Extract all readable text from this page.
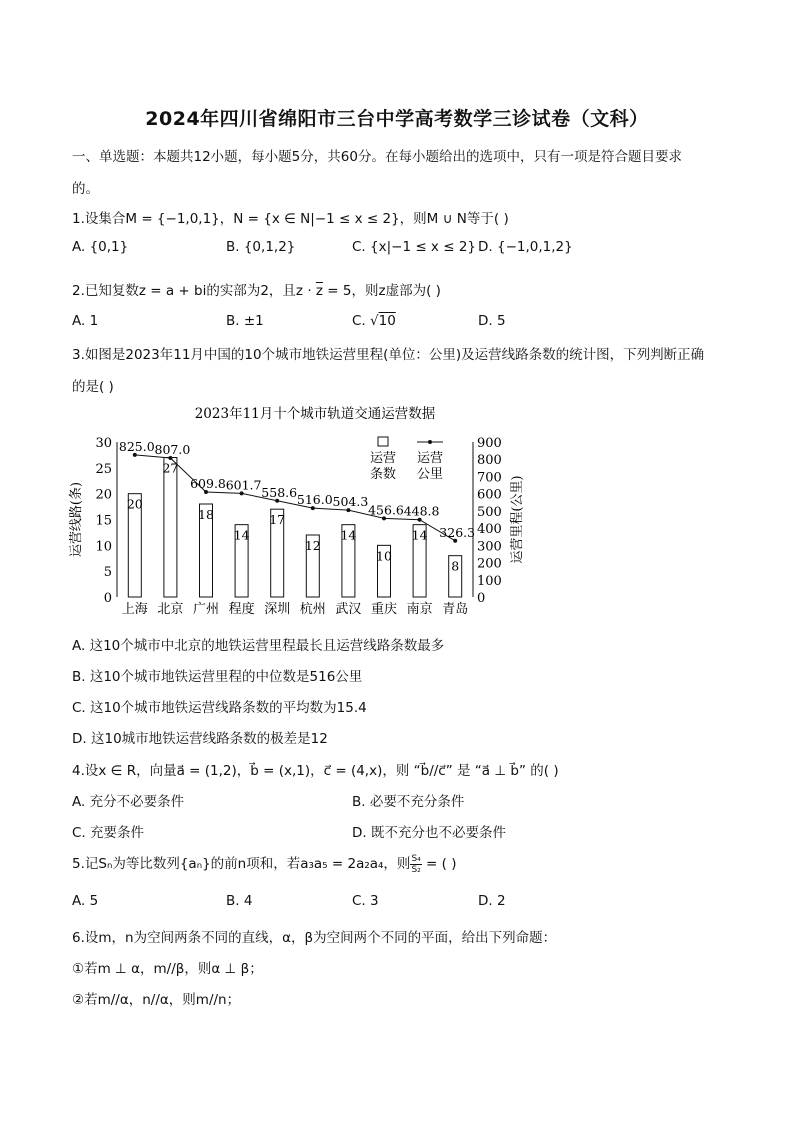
2024年四川省绵阳市三台中学高考数学三诊试卷（文科）
一、单选题：本题共12小题，每小题5分，共60分。在每小题给出的选项中，只有一项是符合题目要求
的。
1.设集合M = {−1,0,1}，N = {x ∈ N|−1 ≤ x ≤ 2}，则M ∪ N等于( )
A. {0,1}	B. {0,1,2}	C. {x|−1 ≤ x ≤ 2} D. {−1,0,1,2}
2.已知复数z = a + bi的实部为2，且$z \cdot \overline{z} = 5$，则z虚部为( )
A. 1	B. ±1	C. √10	D. 5
3.如图是2023年11月中国的10个城市地铁运营里程(单位：公里)及运营线路条数的统计图，下列判断正确
的是( )
2023年11月十个城市轨道交通运营数据
0
5
10
15
20
25
30
0
100
200
300
400
500
600
700
800
900
运营线路(条)	运营里程(公里)
20
27
18
14
17
12
14
10
14
8
825.0 807.0
609.8 601.7 558.6 516.0 504.3
456.6 448.8
326.3
上海 北京 广州 程度 深圳 杭州 武汉 重庆 南京 青岛
运营
条数
运营
公里
A. 这10个城市中北京的地铁运营里程最长且运营线路条数最多
B. 这10个城市地铁运营里程的中位数是516公里
C. 这10个城市地铁运营线路条数的平均数为15.4
D. 这10城市地铁运营线路条数的极差是12
4.设x ∈ R，向量a⃗ = (1,2)，b⃗ = (x,1)，c⃗ = (4,x)，则 “b⃗//c⃗” 是 “a⃗ ⊥ b⃗” 的( )
A. 充分不必要条件	B. 必要不充分条件
C. 充要条件	D. 既不充分也不必要条件
5.记Sₙ为等比数列{aₙ}的前n项和，若a₃a₅ = 2a₂a₄，则 $\frac{\text{S₄}}{\text{S₂}}$ = ( )
A. 5	B. 4	C. 3	D. 2
6.设m，n为空间两条不同的直线，α，β为空间两个不同的平面，给出下列命题：
①若m ⊥ α，m//β，则α ⊥ β；
②若m//α，n//α，则m//n；
